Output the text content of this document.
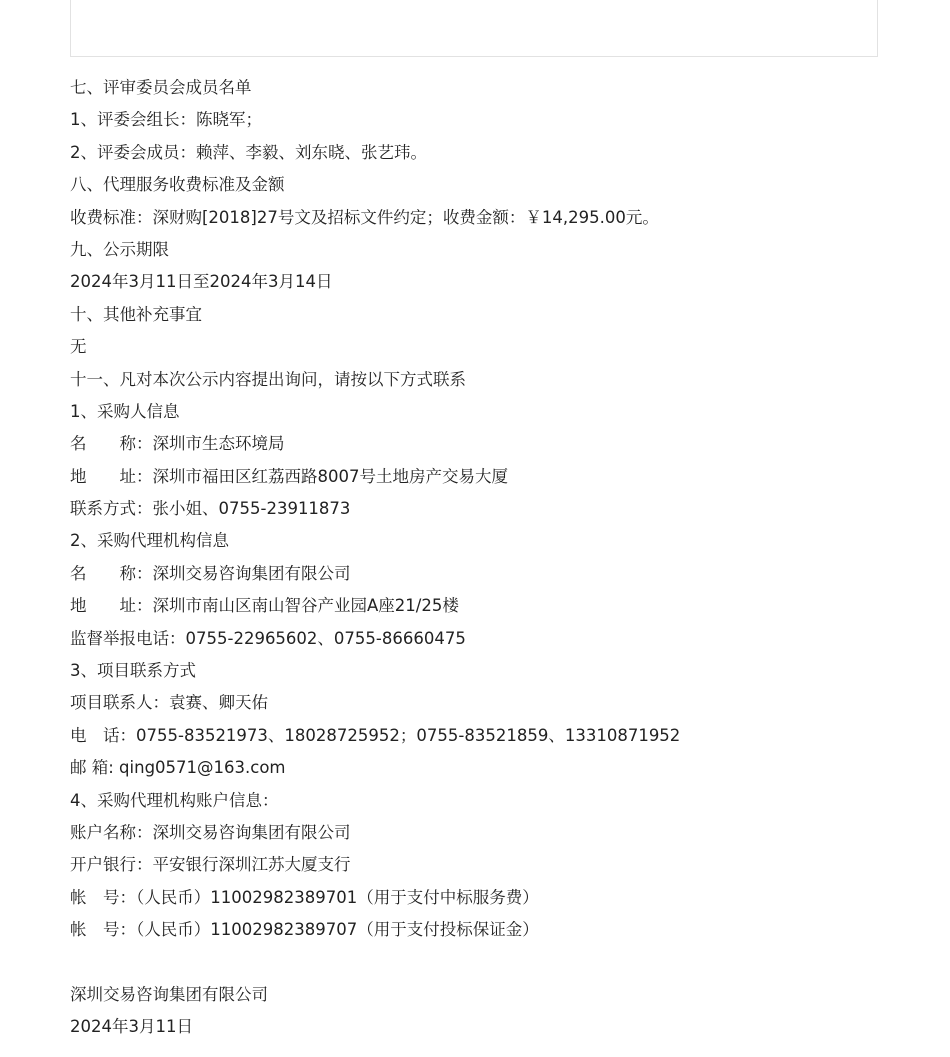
七、评审委员会成员名单
1、评委会组长：陈晓军；
2、评委会成员：赖萍、李毅、刘东晓、张艺玮。
八、代理服务收费标准及金额
收费标准：深财购[2018]27号文及招标文件约定；收费金额：￥14,295.00元。
九、公示期限
2024年3月11日至2024年3月14日
十、其他补充事宜
无
十一、凡对本次公示内容提出询问，请按以下方式联系
1、采购人信息
名　　称：深圳市生态环境局
地　　址：深圳市福田区红荔西路8007号土地房产交易大厦
联系方式：张小姐、0755-23911873
2、采购代理机构信息
名　　称：深圳交易咨询集团有限公司
地　　址：深圳市南山区南山智谷产业园A座21/25楼
监督举报电话：0755-22965602、0755-86660475
3、项目联系方式
项目联系人：袁赛、卿天佑
电　话：0755-83521973、18028725952；0755-83521859、13310871952
邮 箱: qing0571@163.com
4、采购代理机构账户信息：
账户名称：深圳交易咨询集团有限公司
开户银行：平安银行深圳江苏大厦支行
帐　号：（人民币）11002982389701（用于支付中标服务费）
帐　号：（人民币）11002982389707（用于支付投标保证金）
深圳交易咨询集团有限公司
2024年3月11日
